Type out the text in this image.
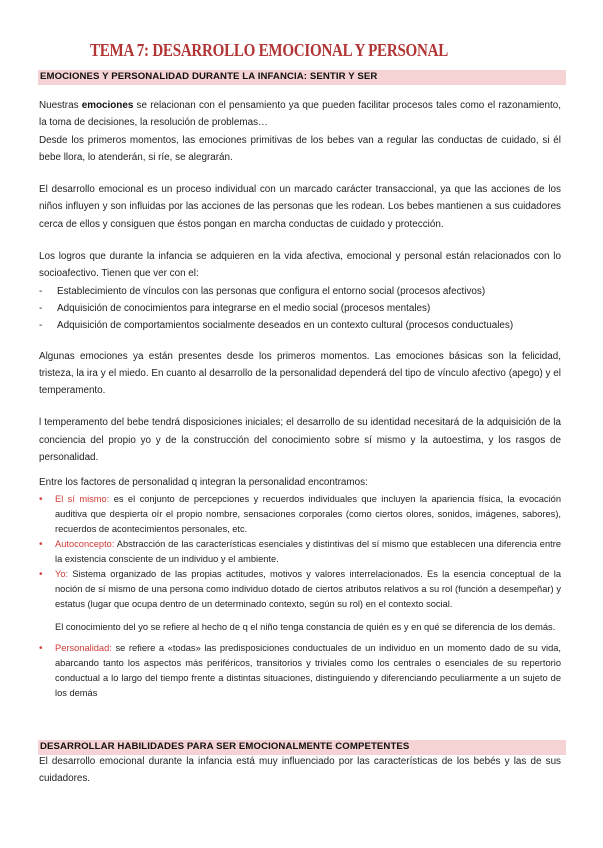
TEMA 7: DESARROLLO EMOCIONAL Y PERSONAL
EMOCIONES Y PERSONALIDAD DURANTE LA INFANCIA: SENTIR Y SER

Nuestras emociones se relacionan con el pensamiento ya que pueden facilitar procesos tales como el razonamiento, la toma de decisiones, la resolución de problemas…

Desde los primeros momentos, las emociones primitivas de los bebes van a regular las conductas de cuidado, si él bebe llora, lo atenderán, si ríe, se alegrarán.

El desarrollo emocional es un proceso individual con un marcado carácter transaccional, ya que las acciones de los niños influyen y son influidas por las acciones de las personas que les rodean. Los bebes mantienen a sus cuidadores cerca de ellos y consiguen que éstos pongan en marcha conductas de cuidado y protección.

Los logros que durante la infancia se adquieren en la vida afectiva, emocional y personal están relacionados con lo socioafectivo. Tienen que ver con el:

-	Establecimiento de vínculos con las personas que configura el entorno social (procesos afectivos)
-	Adquisición de conocimientos para integrarse en el medio social (procesos mentales)
-	Adquisición de comportamientos socialmente deseados en un contexto cultural (procesos conductuales)

Algunas emociones ya están presentes desde los primeros momentos. Las emociones básicas son la felicidad, tristeza, la ira y el miedo. En cuanto al desarrollo de la personalidad dependerá del tipo de vínculo afectivo (apego) y el temperamento.

l temperamento del bebe tendrá disposiciones iniciales; el desarrollo de su identidad necesitará de la adquisición de la conciencia del propio yo y de la construcción del conocimiento sobre sí mismo y la autoestima, y los rasgos de personalidad.

Entre los factores de personalidad q integran la personalidad encontramos:

•	El sí mismo: es el conjunto de percepciones y recuerdos individuales que incluyen la apariencia física, la evocación auditiva que despierta oír el propio nombre, sensaciones corporales (como ciertos olores, sonidos, imágenes, sabores), recuerdos de acontecimientos personales, etc.
•	Autoconcepto: Abstracción de las características esenciales y distintivas del sí mismo que establecen una diferencia entre la existencia consciente de un individuo y el ambiente.
•	Yo: Sistema organizado de las propias actitudes, motivos y valores interrelacionados. Es la esencia conceptual de la noción de sí mismo de una persona como individuo dotado de ciertos atributos relativos a su rol (función a desempeñar) y estatus (lugar que ocupa dentro de un determinado contexto, según su rol) en el contexto social.

El conocimiento del yo se refiere al hecho de q el niño tenga constancia de quién es y en qué se diferencia de los demás.

•	Personalidad: se refiere a «todas» las predisposiciones conductuales de un individuo en un momento dado de su vida, abarcando tanto los aspectos más periféricos, transitorios y triviales como los centrales o esenciales de su repertorio conductual a lo largo del tiempo frente a distintas situaciones, distinguiendo y diferenciando peculiarmente a un sujeto de los demás
DESARROLLAR HABILIDADES PARA SER EMOCIONALMENTE COMPETENTES

El desarrollo emocional durante la infancia está muy influenciado por las características de los bebés y las de sus cuidadores.
